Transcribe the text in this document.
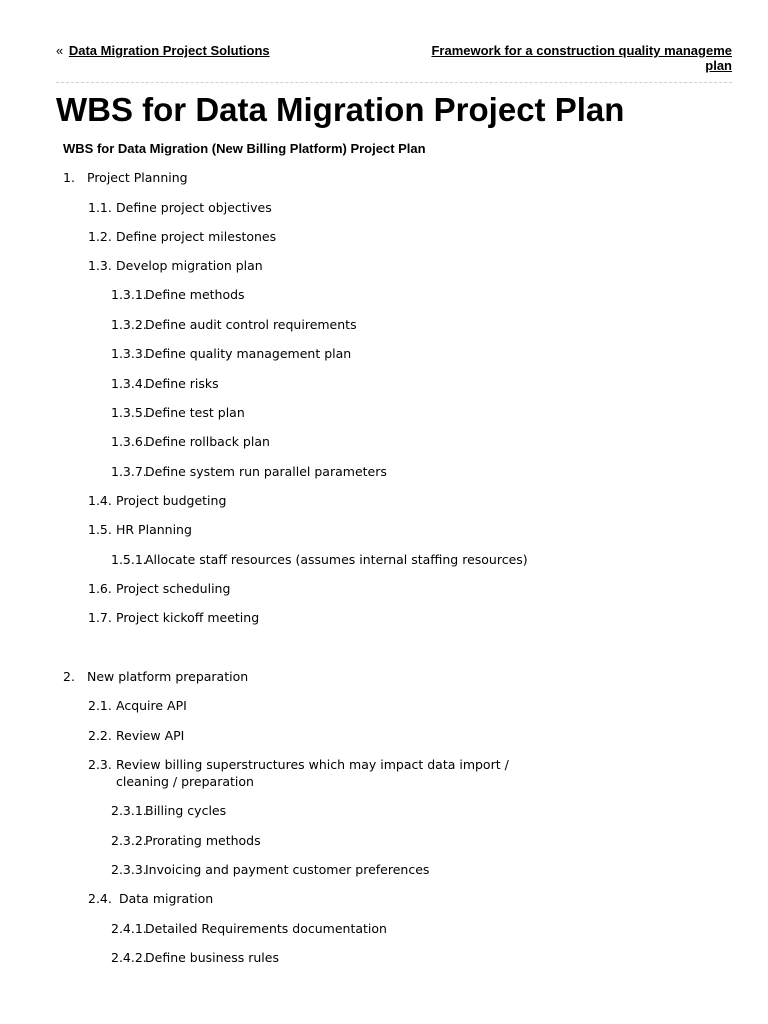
« Data Migration Project Solutions	Framework for a construction quality manageme plan
WBS for Data Migration Project Plan
WBS for Data Migration (New Billing Platform) Project Plan
1. Project Planning
1.1. Define project objectives
1.2. Define project milestones
1.3. Develop migration plan
1.3.1.Define methods
1.3.2.Define audit control requirements
1.3.3.Define quality management plan
1.3.4.Define risks
1.3.5.Define test plan
1.3.6.Define rollback plan
1.3.7.Define system run parallel parameters
1.4. Project budgeting
1.5. HR Planning
1.5.1.Allocate staff resources (assumes internal staffing resources)
1.6. Project scheduling
1.7. Project kickoff meeting
2. New platform preparation
2.1. Acquire API
2.2. Review API
2.3. Review billing superstructures which may impact data import /
cleaning / preparation
2.3.1.Billing cycles
2.3.2.Prorating methods
2.3.3.Invoicing and payment customer preferences
2.4. Data migration
2.4.1.Detailed Requirements documentation
2.4.2.Define business rules
